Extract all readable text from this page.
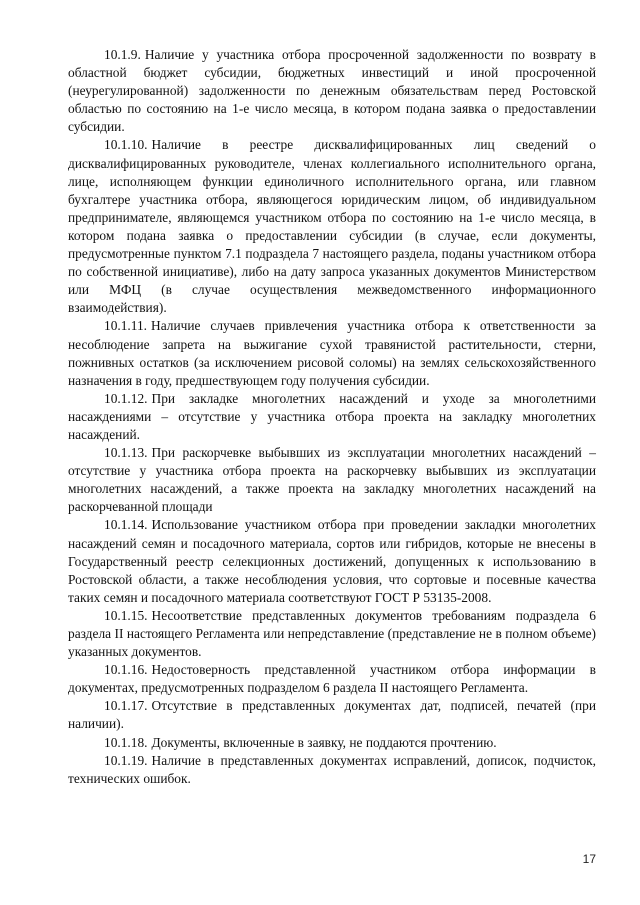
10.1.9. Наличие у участника отбора просроченной задолженности по возврату в областной бюджет субсидии, бюджетных инвестиций и иной просроченной (неурегулированной) задолженности по денежным обязательствам перед Ростовской областью по состоянию на 1-е число месяца, в котором подана заявка о предоставлении субсидии.

10.1.10. Наличие в реестре дисквалифицированных лиц сведений о дисквалифицированных руководителе, членах коллегиального исполнительного органа, лице, исполняющем функции единоличного исполнительного органа, или главном бухгалтере участника отбора, являющегося юридическим лицом, об индивидуальном предпринимателе, являющемся участником отбора по состоянию на 1-е число месяца, в котором подана заявка о предоставлении субсидии (в случае, если документы, предусмотренные пунктом 7.1 подраздела 7 настоящего раздела, поданы участником отбора по собственной инициативе), либо на дату запроса указанных документов Министерством или МФЦ (в случае осуществления межведомственного информационного взаимодействия).

10.1.11. Наличие случаев привлечения участника отбора к ответственности за несоблюдение запрета на выжигание сухой травянистой растительности, стерни, пожнивных остатков (за исключением рисовой соломы) на землях сельскохозяйственного назначения в году, предшествующем году получения субсидии.

10.1.12. При закладке многолетних насаждений и уходе за многолетними насаждениями – отсутствие у участника отбора проекта на закладку многолетних насаждений.

10.1.13. При раскорчевке выбывших из эксплуатации многолетних насаждений – отсутствие у участника отбора проекта на раскорчевку выбывших из эксплуатации многолетних насаждений, а также проекта на закладку многолетних насаждений на раскорчеванной площади

10.1.14. Использование участником отбора при проведении закладки многолетних насаждений семян и посадочного материала, сортов или гибридов, которые не внесены в Государственный реестр селекционных достижений, допущенных к использованию в Ростовской области, а также несоблюдения условия, что сортовые и посевные качества таких семян и посадочного материала соответствуют ГОСТ Р 53135-2008.

10.1.15. Несоответствие представленных документов требованиям подраздела 6 раздела II настоящего Регламента или непредставление (представление не в полном объеме) указанных документов.

10.1.16. Недостоверность представленной участником отбора информации в документах, предусмотренных подразделом 6 раздела II настоящего Регламента.

10.1.17. Отсутствие в представленных документах дат, подписей, печатей (при наличии).

10.1.18. Документы, включенные в заявку, не поддаются прочтению.

10.1.19. Наличие в представленных документах исправлений, дописок, подчисток, технических ошибок.

17
